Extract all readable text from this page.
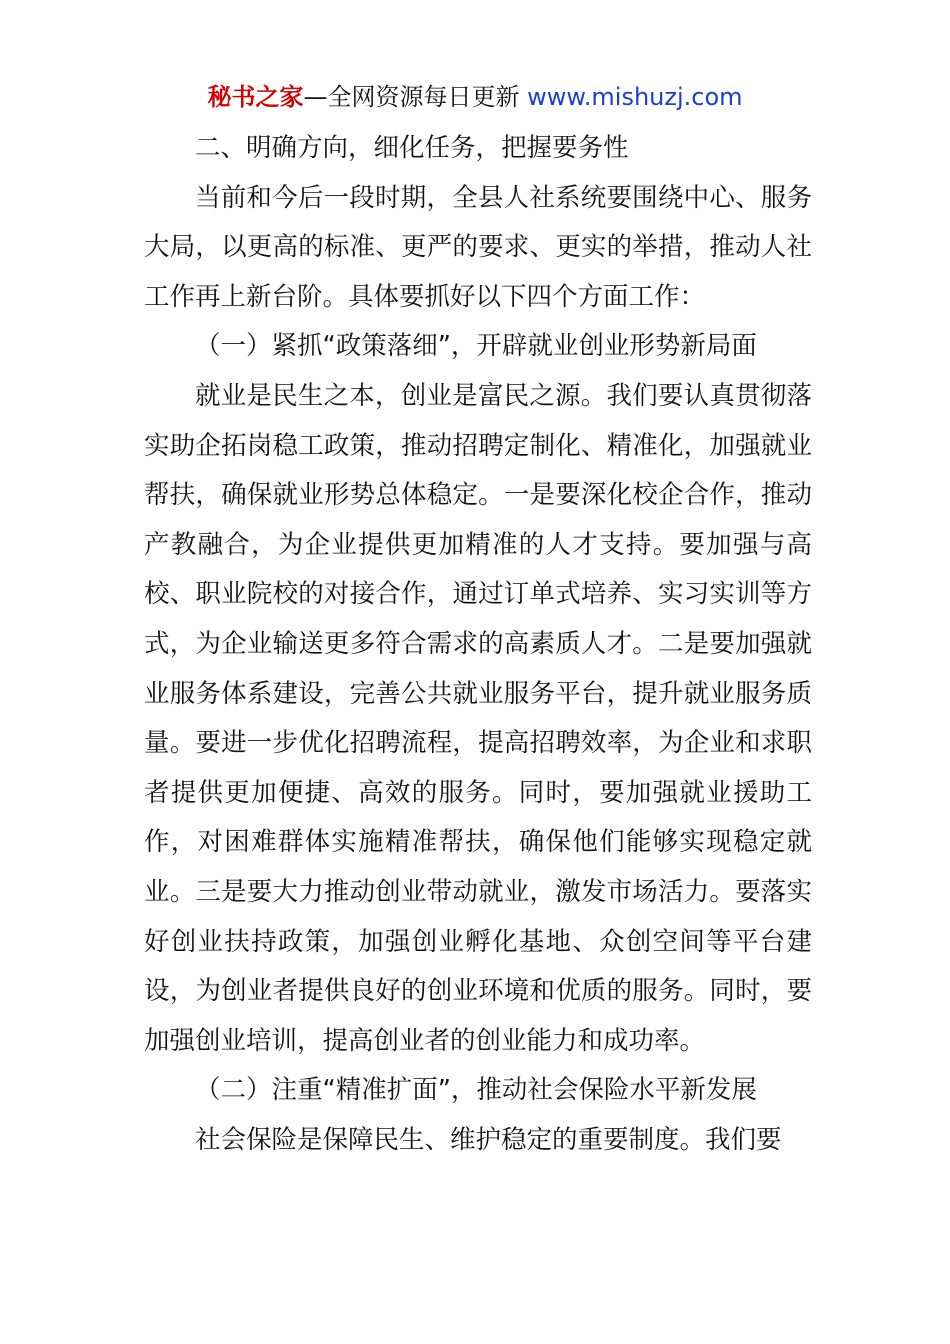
秘书之家—全网资源每日更新 www.mishuzj.com

二、明确方向，细化任务，把握要务性

当前和今后一段时期，全县人社系统要围绕中心、服务大局，以更高的标准、更严的要求、更实的举措，推动人社工作再上新台阶。具体要抓好以下四个方面工作：

（一）紧抓“政策落细”，开辟就业创业形势新局面

就业是民生之本，创业是富民之源。我们要认真贯彻落实助企拓岗稳工政策，推动招聘定制化、精准化，加强就业帮扶，确保就业形势总体稳定。一是要深化校企合作，推动产教融合，为企业提供更加精准的人才支持。要加强与高校、职业院校的对接合作，通过订单式培养、实习实训等方式，为企业输送更多符合需求的高素质人才。二是要加强就业服务体系建设，完善公共就业服务平台，提升就业服务质量。要进一步优化招聘流程，提高招聘效率，为企业和求职者提供更加便捷、高效的服务。同时，要加强就业援助工作，对困难群体实施精准帮扶，确保他们能够实现稳定就业。三是要大力推动创业带动就业，激发市场活力。要落实好创业扶持政策，加强创业孵化基地、众创空间等平台建设，为创业者提供良好的创业环境和优质的服务。同时，要加强创业培训，提高创业者的创业能力和成功率。

（二）注重“精准扩面”，推动社会保险水平新发展

社会保险是保障民生、维护稳定的重要制度。我们要
